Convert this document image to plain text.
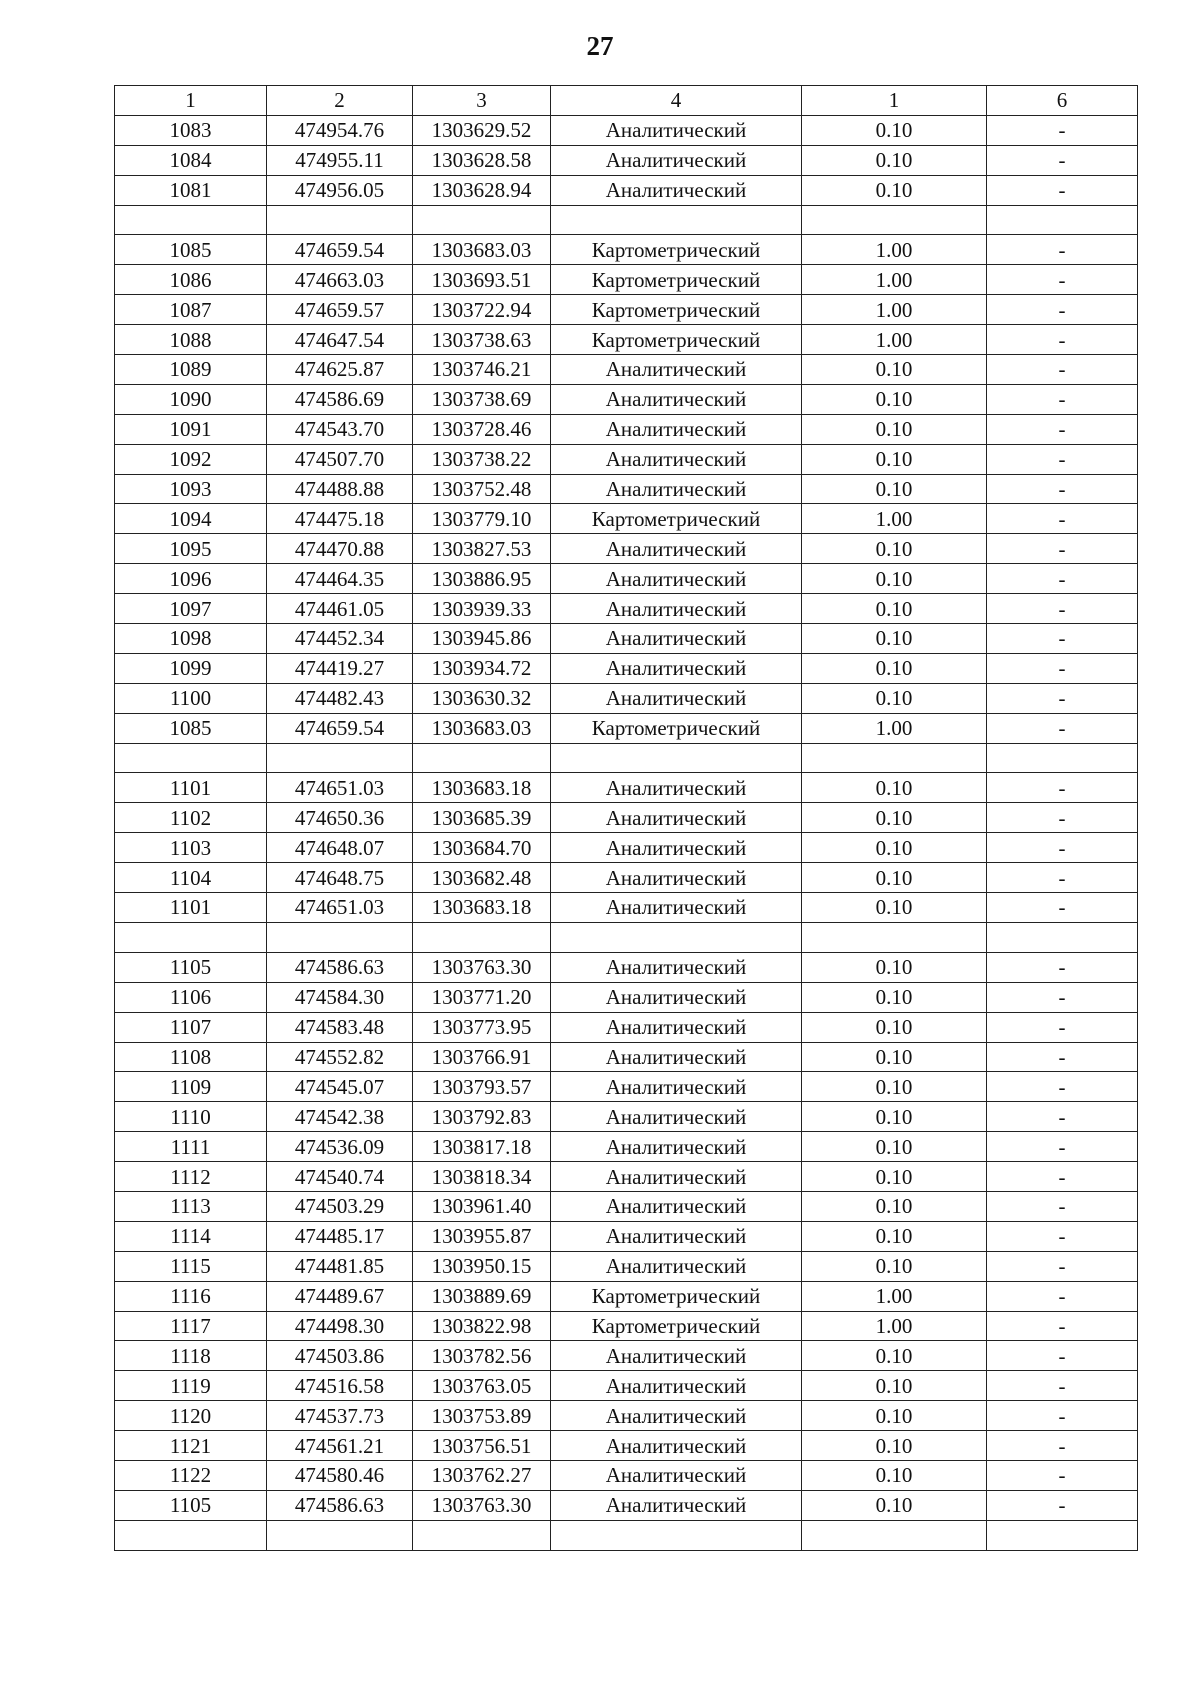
27
1	2	3	4	1	6
1083	474954.76	1303629.52	Аналитический	0.10	-
1084	474955.11	1303628.58	Аналитический	0.10	-
1081	474956.05	1303628.94	Аналитический	0.10	-

1085	474659.54	1303683.03	Картометрический	1.00	-
1086	474663.03	1303693.51	Картометрический	1.00	-
1087	474659.57	1303722.94	Картометрический	1.00	-
1088	474647.54	1303738.63	Картометрический	1.00	-
1089	474625.87	1303746.21	Аналитический	0.10	-
1090	474586.69	1303738.69	Аналитический	0.10	-
1091	474543.70	1303728.46	Аналитический	0.10	-
1092	474507.70	1303738.22	Аналитический	0.10	-
1093	474488.88	1303752.48	Аналитический	0.10	-
1094	474475.18	1303779.10	Картометрический	1.00	-
1095	474470.88	1303827.53	Аналитический	0.10	-
1096	474464.35	1303886.95	Аналитический	0.10	-
1097	474461.05	1303939.33	Аналитический	0.10	-
1098	474452.34	1303945.86	Аналитический	0.10	-
1099	474419.27	1303934.72	Аналитический	0.10	-
1100	474482.43	1303630.32	Аналитический	0.10	-
1085	474659.54	1303683.03	Картометрический	1.00	-

1101	474651.03	1303683.18	Аналитический	0.10	-
1102	474650.36	1303685.39	Аналитический	0.10	-
1103	474648.07	1303684.70	Аналитический	0.10	-
1104	474648.75	1303682.48	Аналитический	0.10	-
1101	474651.03	1303683.18	Аналитический	0.10	-

1105	474586.63	1303763.30	Аналитический	0.10	-
1106	474584.30	1303771.20	Аналитический	0.10	-
1107	474583.48	1303773.95	Аналитический	0.10	-
1108	474552.82	1303766.91	Аналитический	0.10	-
1109	474545.07	1303793.57	Аналитический	0.10	-
1110	474542.38	1303792.83	Аналитический	0.10	-
1111	474536.09	1303817.18	Аналитический	0.10	-
1112	474540.74	1303818.34	Аналитический	0.10	-
1113	474503.29	1303961.40	Аналитический	0.10	-
1114	474485.17	1303955.87	Аналитический	0.10	-
1115	474481.85	1303950.15	Аналитический	0.10	-
1116	474489.67	1303889.69	Картометрический	1.00	-
1117	474498.30	1303822.98	Картометрический	1.00	-
1118	474503.86	1303782.56	Аналитический	0.10	-
1119	474516.58	1303763.05	Аналитический	0.10	-
1120	474537.73	1303753.89	Аналитический	0.10	-
1121	474561.21	1303756.51	Аналитический	0.10	-
1122	474580.46	1303762.27	Аналитический	0.10	-
1105	474586.63	1303763.30	Аналитический	0.10	-
